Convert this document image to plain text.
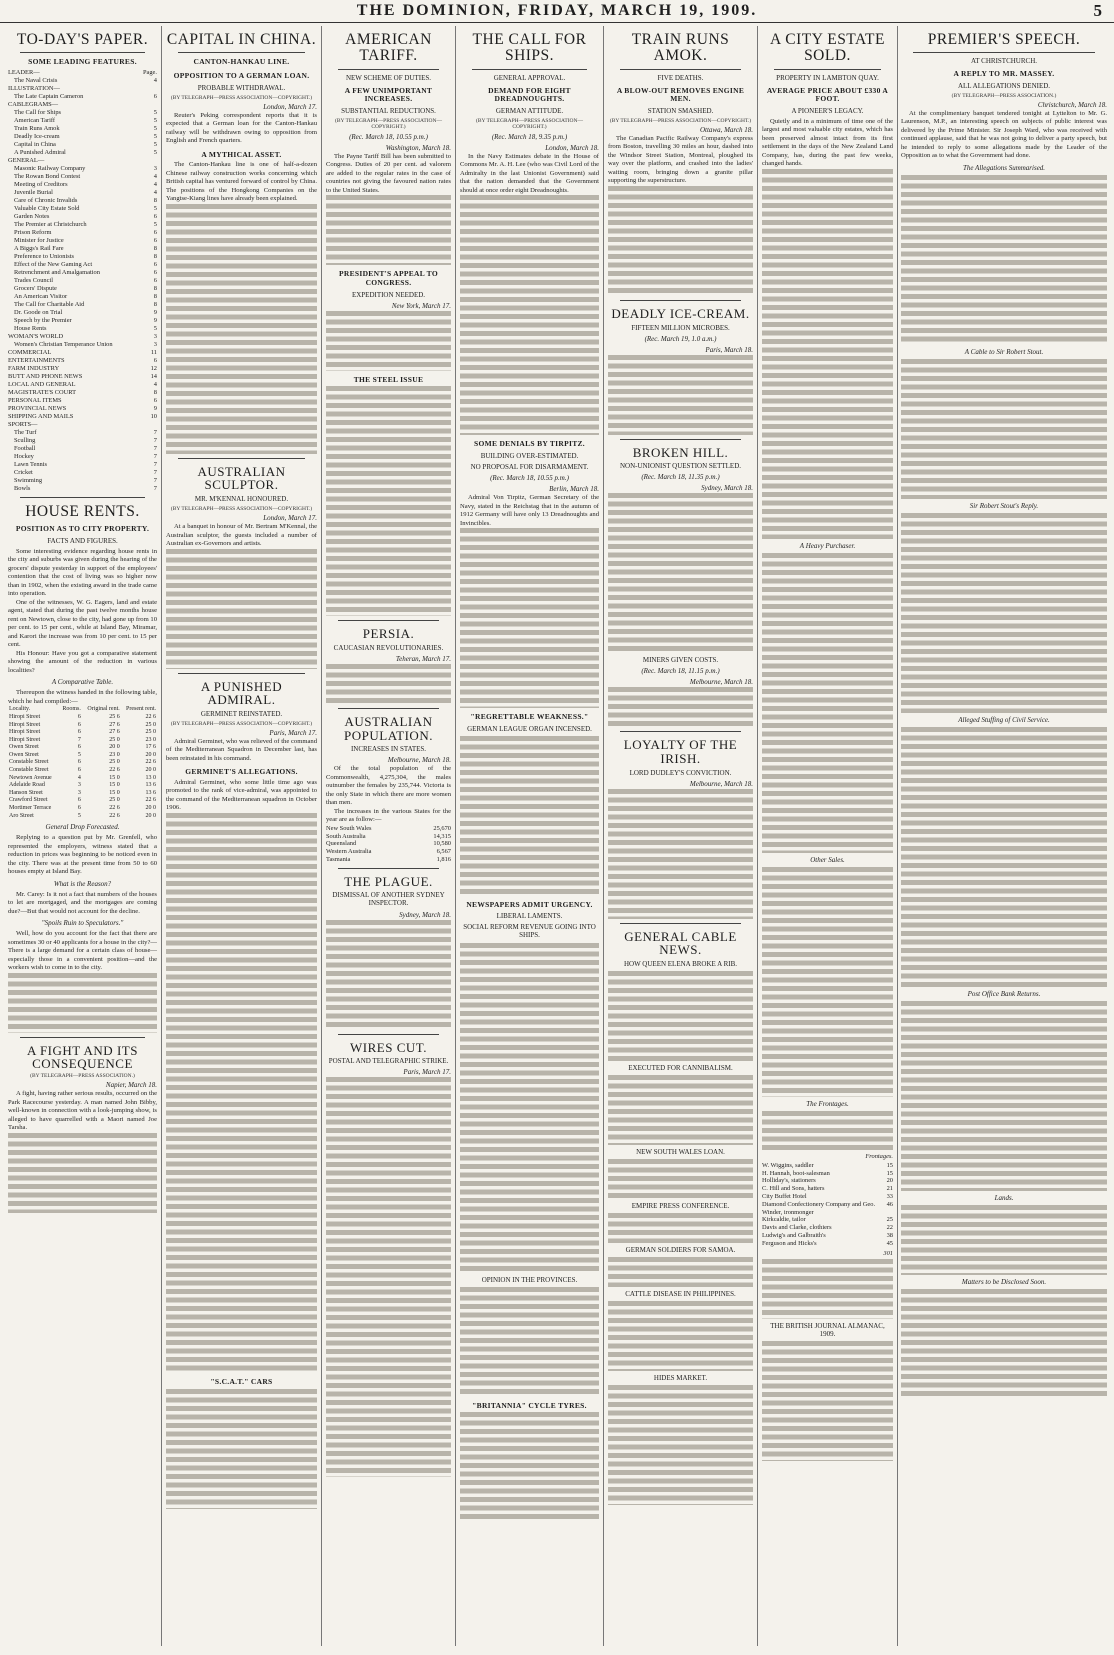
THE DOMINION, FRIDAY, MARCH 19, 1909.	5
TO-DAY'S PAPER.
SOME LEADING FEATURES.
LEADER—	Page.
The Naval Crisis	4
ILLUSTRATION—
The Late Captain Cameron	6
CABLEGRAMS—
The Call for Ships	5
American Tariff	5
Train Runs Amok	5
Deadly Ice-cream	5
Capital in China	5
A Punished Admiral	5
GENERAL—
Masonic Railway Company	3
The Rowan Bond Contest	4
Meeting of Creditors	4
Juvenile Burial	4
Care of Chronic Invalids	8
Valuable City Estate Sold	5
Garden Notes	6
The Premier at Christchurch	5
Prison Reform	6
Minister for Justice	6
A Biggs's Rail Fare	8
Preference to Unionists	8
Effect of the New Gaming Act	6
Retrenchment and Amalgamation	6
Trades Council	6
Grocers' Dispute	8
An American Visitor	8
The Call for Charitable Aid	8
Dr. Goode on Trial	9
Speech by the Premier	9
House Rents	5
WOMAN'S WORLD	3
Women's Christian Temperance Union	3
COMMERCIAL	11
ENTERTAINMENTS	6
FARM INDUSTRY	12
BUTT AND PHONE NEWS	14
LOCAL AND GENERAL	4
MAGISTRATE'S COURT	8
PERSONAL ITEMS	6
PROVINCIAL NEWS	9
SHIPPING AND MAILS	10
SPORTS—
The Turf	7
Sculling	7
Football	7
Hockey	7
Lawn Tennis	7
Cricket	7
Swimming	7
Bowls	7
HOUSE RENTS.
POSITION AS TO CITY PROPERTY.
FACTS AND FIGURES.

Some interesting evidence regarding house rents in the city and suburbs was given during the hearing of the grocers' dispute yesterday in support of the employees' contention that the cost of living was so higher now than in 1902, when the existing award in the trade came into operation.

One of the witnesses, W. G. Eagers, land and estate agent, stated that during the past twelve months house rent on Newtown, close to the city, had gone up from 10 per cent. to 15 per cent., while at Island Bay, Miramar, and Karori the increase was from 10 per cent. to 15 per cent.

His Honour: Have you got a comparative statement showing the amount of the reduction in various localities?

A Comparative Table.

Thereupon the witness handed in the following table, which he had compiled:—

Locality.	Rooms.	Original rent.	Present rent.
Hiropi Street	6	25 6	22 6
Hiropi Street	6	27 6	25 0
Hiropi Street	6	27 6	25 0
Hiropi Street	7	25 0	23 0
Owen Street	6	20 0	17 6
Owen Street	5	23 0	20 0
Constable Street	6	25 0	22 6
Constable Street	6	22 6	20 0
Newtown Avenue	4	15 0	13 0
Adelaide Road	3	15 0	13 6
Hanson Street	3	15 0	13 6
Crawford Street	6	25 0	22 6
Mortimer Terrace	6	22 6	20 0
Aro Street	5	22 6	20 0
General Drop Forecasted.

Replying to a question put by Mr. Grenfell, who represented the employers, witness stated that a reduction in prices was beginning to be noticed even in the city. There was at the present time from 50 to 60 houses empty at Island Bay.

What is the Reason?

Mr. Carey: Is it not a fact that numbers of the houses to let are mortgaged, and the mortgages are coming due?—But that would not account for the decline.

"Spoils Ruin to Speculators."

Well, how do you account for the fact that there are sometimes 30 or 40 applicants for a house in the city?—There is a large demand for a certain class of house—especially those in a convenient position—and the workers wish to come in to the city.

A FIGHT AND ITS CONSEQUENCE
(BY TELEGRAPH—PRESS ASSOCIATION.)
Napier, March 18.

A fight, having rather serious results, occurred on the Park Racecourse yesterday. A man named John Bibby, well-known in connection with a look-jumping show, is alleged to have quarrelled with a Maori named Joe Tarsha.

CAPITAL IN CHINA.
CANTON-HANKAU LINE.
OPPOSITION TO A GERMAN LOAN.
PROBABLE WITHDRAWAL.
(BY TELEGRAPH—PRESS ASSOCIATION—COPYRIGHT.)
London, March 17.

Reuter's Peking correspondent reports that it is expected that a German loan for the Canton-Hankau railway will be withdrawn owing to opposition from English and French quarters.

A MYTHICAL ASSET.

The Canton-Hankau line is one of half-a-dozen Chinese railway construction works concerning which British capital has ventured forward of control by China. The positions of the Hongkong Companies on the Yangtse-Kiang lines have already been explained.

AUSTRALIAN SCULPTOR.
MR. M'KENNAL HONOURED.
(BY TELEGRAPH—PRESS ASSOCIATION—COPYRIGHT.)
London, March 17.

At a banquet in honour of Mr. Bertram M'Kennal, the Australian sculptor, the guests included a number of Australian ex-Governors and artists.

A PUNISHED ADMIRAL.
GERMINET REINSTATED.
(BY TELEGRAPH—PRESS ASSOCIATION—COPYRIGHT.)
Paris, March 17.

Admiral Germinet, who was relieved of the command of the Mediterranean Squadron in December last, has been reinstated in his command.

GERMINET'S ALLEGATIONS.

Admiral Germinet, who some little time ago was promoted to the rank of vice-admiral, was appointed to the command of the Mediterranean squadron in October 1906.

"S.C.A.T." CARS
AMERICAN TARIFF.
NEW SCHEME OF DUTIES.
A FEW UNIMPORTANT INCREASES.
SUBSTANTIAL REDUCTIONS.
(BY TELEGRAPH—PRESS ASSOCIATION—COPYRIGHT.)
(Rec. March 18, 10.55 p.m.)
Washington, March 18.

The Payne Tariff Bill has been submitted to Congress. Duties of 20 per cent. ad valorem are added to the regular rates in the case of countries not giving the favoured nation rates to the United States.

PRESIDENT'S APPEAL TO CONGRESS.
EXPEDITION NEEDED.
New York, March 17.
THE STEEL ISSUE
PERSIA.
CAUCASIAN REVOLUTIONARIES.
Teheran, March 17.
AUSTRALIAN POPULATION.
INCREASES IN STATES.
Melbourne, March 18.

Of the total population of the Commonwealth, 4,275,304, the males outnumber the females by 235,744. Victoria is the only State in which there are more women than men.

The increases in the various States for the year are as follow:—

New South Wales	25,670
South Australia	14,315
Queensland	10,580
Western Australia	6,567
Tasmania	1,816
THE PLAGUE.
DISMISSAL OF ANOTHER SYDNEY INSPECTOR.
Sydney, March 18.
WIRES CUT.
POSTAL AND TELEGRAPHIC STRIKE.
Paris, March 17.
THE CALL FOR SHIPS.
GENERAL APPROVAL.
DEMAND FOR EIGHT DREADNOUGHTS.
GERMAN ATTITUDE.
(BY TELEGRAPH—PRESS ASSOCIATION—COPYRIGHT.)
(Rec. March 18, 9.35 p.m.)
London, March 18.

In the Navy Estimates debate in the House of Commons Mr. A. H. Lee (who was Civil Lord of the Admiralty in the last Unionist Government) said that the nation demanded that the Government should at once order eight Dreadnoughts.

SOME DENIALS BY TIRPITZ.
BUILDING OVER-ESTIMATED.
NO PROPOSAL FOR DISARMAMENT.
(Rec. March 18, 10.55 p.m.)
Berlin, March 18.

Admiral Von Tirpitz, German Secretary of the Navy, stated in the Reichstag that in the autumn of 1912 Germany will have only 13 Dreadnoughts and Invincibles.

"REGRETTABLE WEAKNESS."
GERMAN LEAGUE ORGAN INCENSED.
NEWSPAPERS ADMIT URGENCY.
LIBERAL LAMENTS.
SOCIAL REFORM REVENUE GOING INTO SHIPS.
OPINION IN THE PROVINCES.
"BRITANNIA" CYCLE TYRES.
TRAIN RUNS AMOK.
FIVE DEATHS.
A BLOW-OUT REMOVES ENGINE MEN.
STATION SMASHED.
(BY TELEGRAPH—PRESS ASSOCIATION—COPYRIGHT.)
Ottawa, March 18.

The Canadian Pacific Railway Company's express from Boston, travelling 30 miles an hour, dashed into the Windsor Street Station, Montreal, ploughed its way over the platform, and crashed into the ladies' waiting room, bringing down a granite pillar supporting the superstructure.

DEADLY ICE-CREAM.
FIFTEEN MILLION MICROBES.
(Rec. March 19, 1.0 a.m.)
Paris, March 18.
BROKEN HILL.
NON-UNIONIST QUESTION SETTLED.
(Rec. March 18, 11.35 p.m.)
Sydney, March 18.
MINERS GIVEN COSTS.
(Rec. March 18, 11.15 p.m.)
Melbourne, March 18.
LOYALTY OF THE IRISH.
LORD DUDLEY'S CONVICTION.
Melbourne, March 18.
GENERAL CABLE NEWS.
HOW QUEEN ELENA BROKE A RIB.
EXECUTED FOR CANNIBALISM.
NEW SOUTH WALES LOAN.
EMPIRE PRESS CONFERENCE.
GERMAN SOLDIERS FOR SAMOA.
CATTLE DISEASE IN PHILIPPINES.
HIDES MARKET.
A CITY ESTATE SOLD.
PROPERTY IN LAMBTON QUAY.
AVERAGE PRICE ABOUT £330 A FOOT.
A PIONEER'S LEGACY.

Quietly and in a minimum of time one of the largest and most valuable city estates, which has been preserved almost intact from its first settlement in the days of the New Zealand Land Company, has, during the past few weeks, changed hands.

A Heavy Purchaser.
Other Sales.
The Frontages.
Frontages.
W. Wiggins, saddler	15
H. Hannah, boot-salesman	15
Holliday's, stationers	20
C. Hill and Sons, hatters	21
City Buffet Hotel	33
Diamond Confectionery Company and Geo. Winder, ironmonger
46
Kirkcaldie, tailor	25
Davis and Clarke, clothiers	22
Ludwig's and Galbraith's	38
Ferguson and Hicks's	45
301
THE BRITISH JOURNAL ALMANAC, 1909.
PREMIER'S SPEECH.
AT CHRISTCHURCH.
A REPLY TO MR. MASSEY.
ALL ALLEGATIONS DENIED.
(BY TELEGRAPH—PRESS ASSOCIATION.)
Christchurch, March 18.

At the complimentary banquet tendered tonight at Lyttelton to Mr. G. Laurenson, M.P., an interesting speech on subjects of public interest was delivered by the Prime Minister. Sir Joseph Ward, who was received with continued applause, said that he was not going to deliver a party speech, but he intended to reply to some allegations made by the Leader of the Opposition as to what the Government had done.

The Allegations Summarised.
A Cable to Sir Robert Stout.
Sir Robert Stout's Reply.
Alleged Stuffing of Civil Service.
Post Office Bank Returns.
Lands.
Matters to be Disclosed Soon.
